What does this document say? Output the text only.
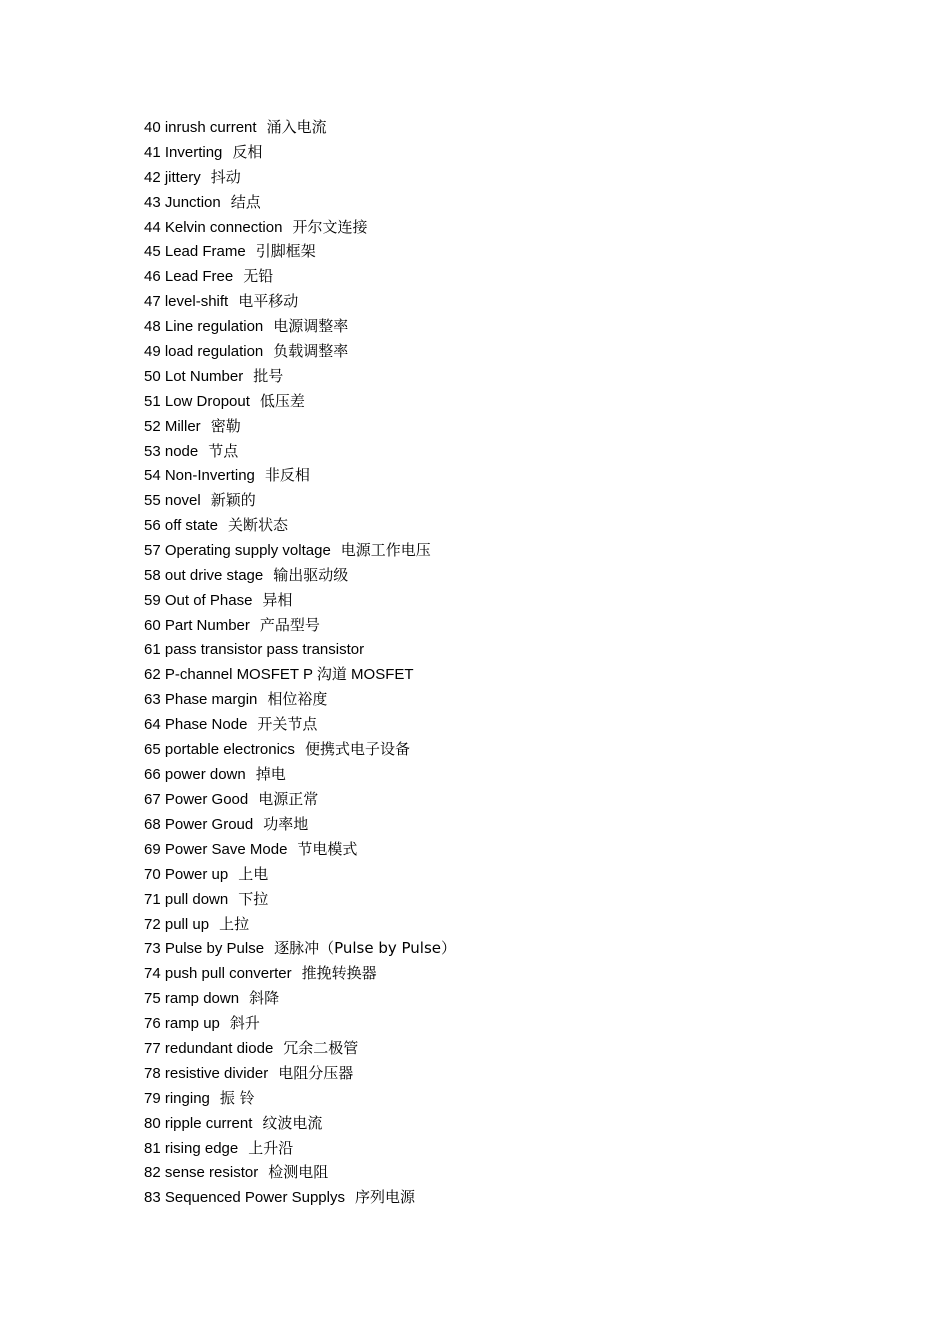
40 inrush current 涌入电流
41 Inverting 反相
42 jittery 抖动
43 Junction 结点
44 Kelvin connection 开尔文连接
45 Lead Frame 引脚框架
46 Lead Free 无铅
47 level-shift 电平移动
48 Line regulation 电源调整率
49 load regulation 负载调整率
50 Lot Number 批号
51 Low Dropout 低压差
52 Miller 密勒
53 node 节点
54 Non-Inverting 非反相
55 novel 新颖的
56 off state 关断状态
57 Operating supply voltage 电源工作电压
58 out drive stage 输出驱动级
59 Out of Phase 异相
60 Part Number 产品型号
61 pass transistor pass transistor
62 P-channel MOSFET P 沟道 MOSFET
63 Phase margin 相位裕度
64 Phase Node 开关节点
65 portable electronics 便携式电子设备
66 power down 掉电
67 Power Good 电源正常
68 Power Groud 功率地
69 Power Save Mode 节电模式
70 Power up 上电
71 pull down 下拉
72 pull up 上拉
73 Pulse by Pulse 逐脉冲（Pulse by Pulse）
74 push pull converter 推挽转换器
75 ramp down 斜降
76 ramp up 斜升
77 redundant diode 冗余二极管
78 resistive divider 电阻分压器
79 ringing 振 铃
80 ripple current 纹波电流
81 rising edge 上升沿
82 sense resistor 检测电阻
83 Sequenced Power Supplys 序列电源
